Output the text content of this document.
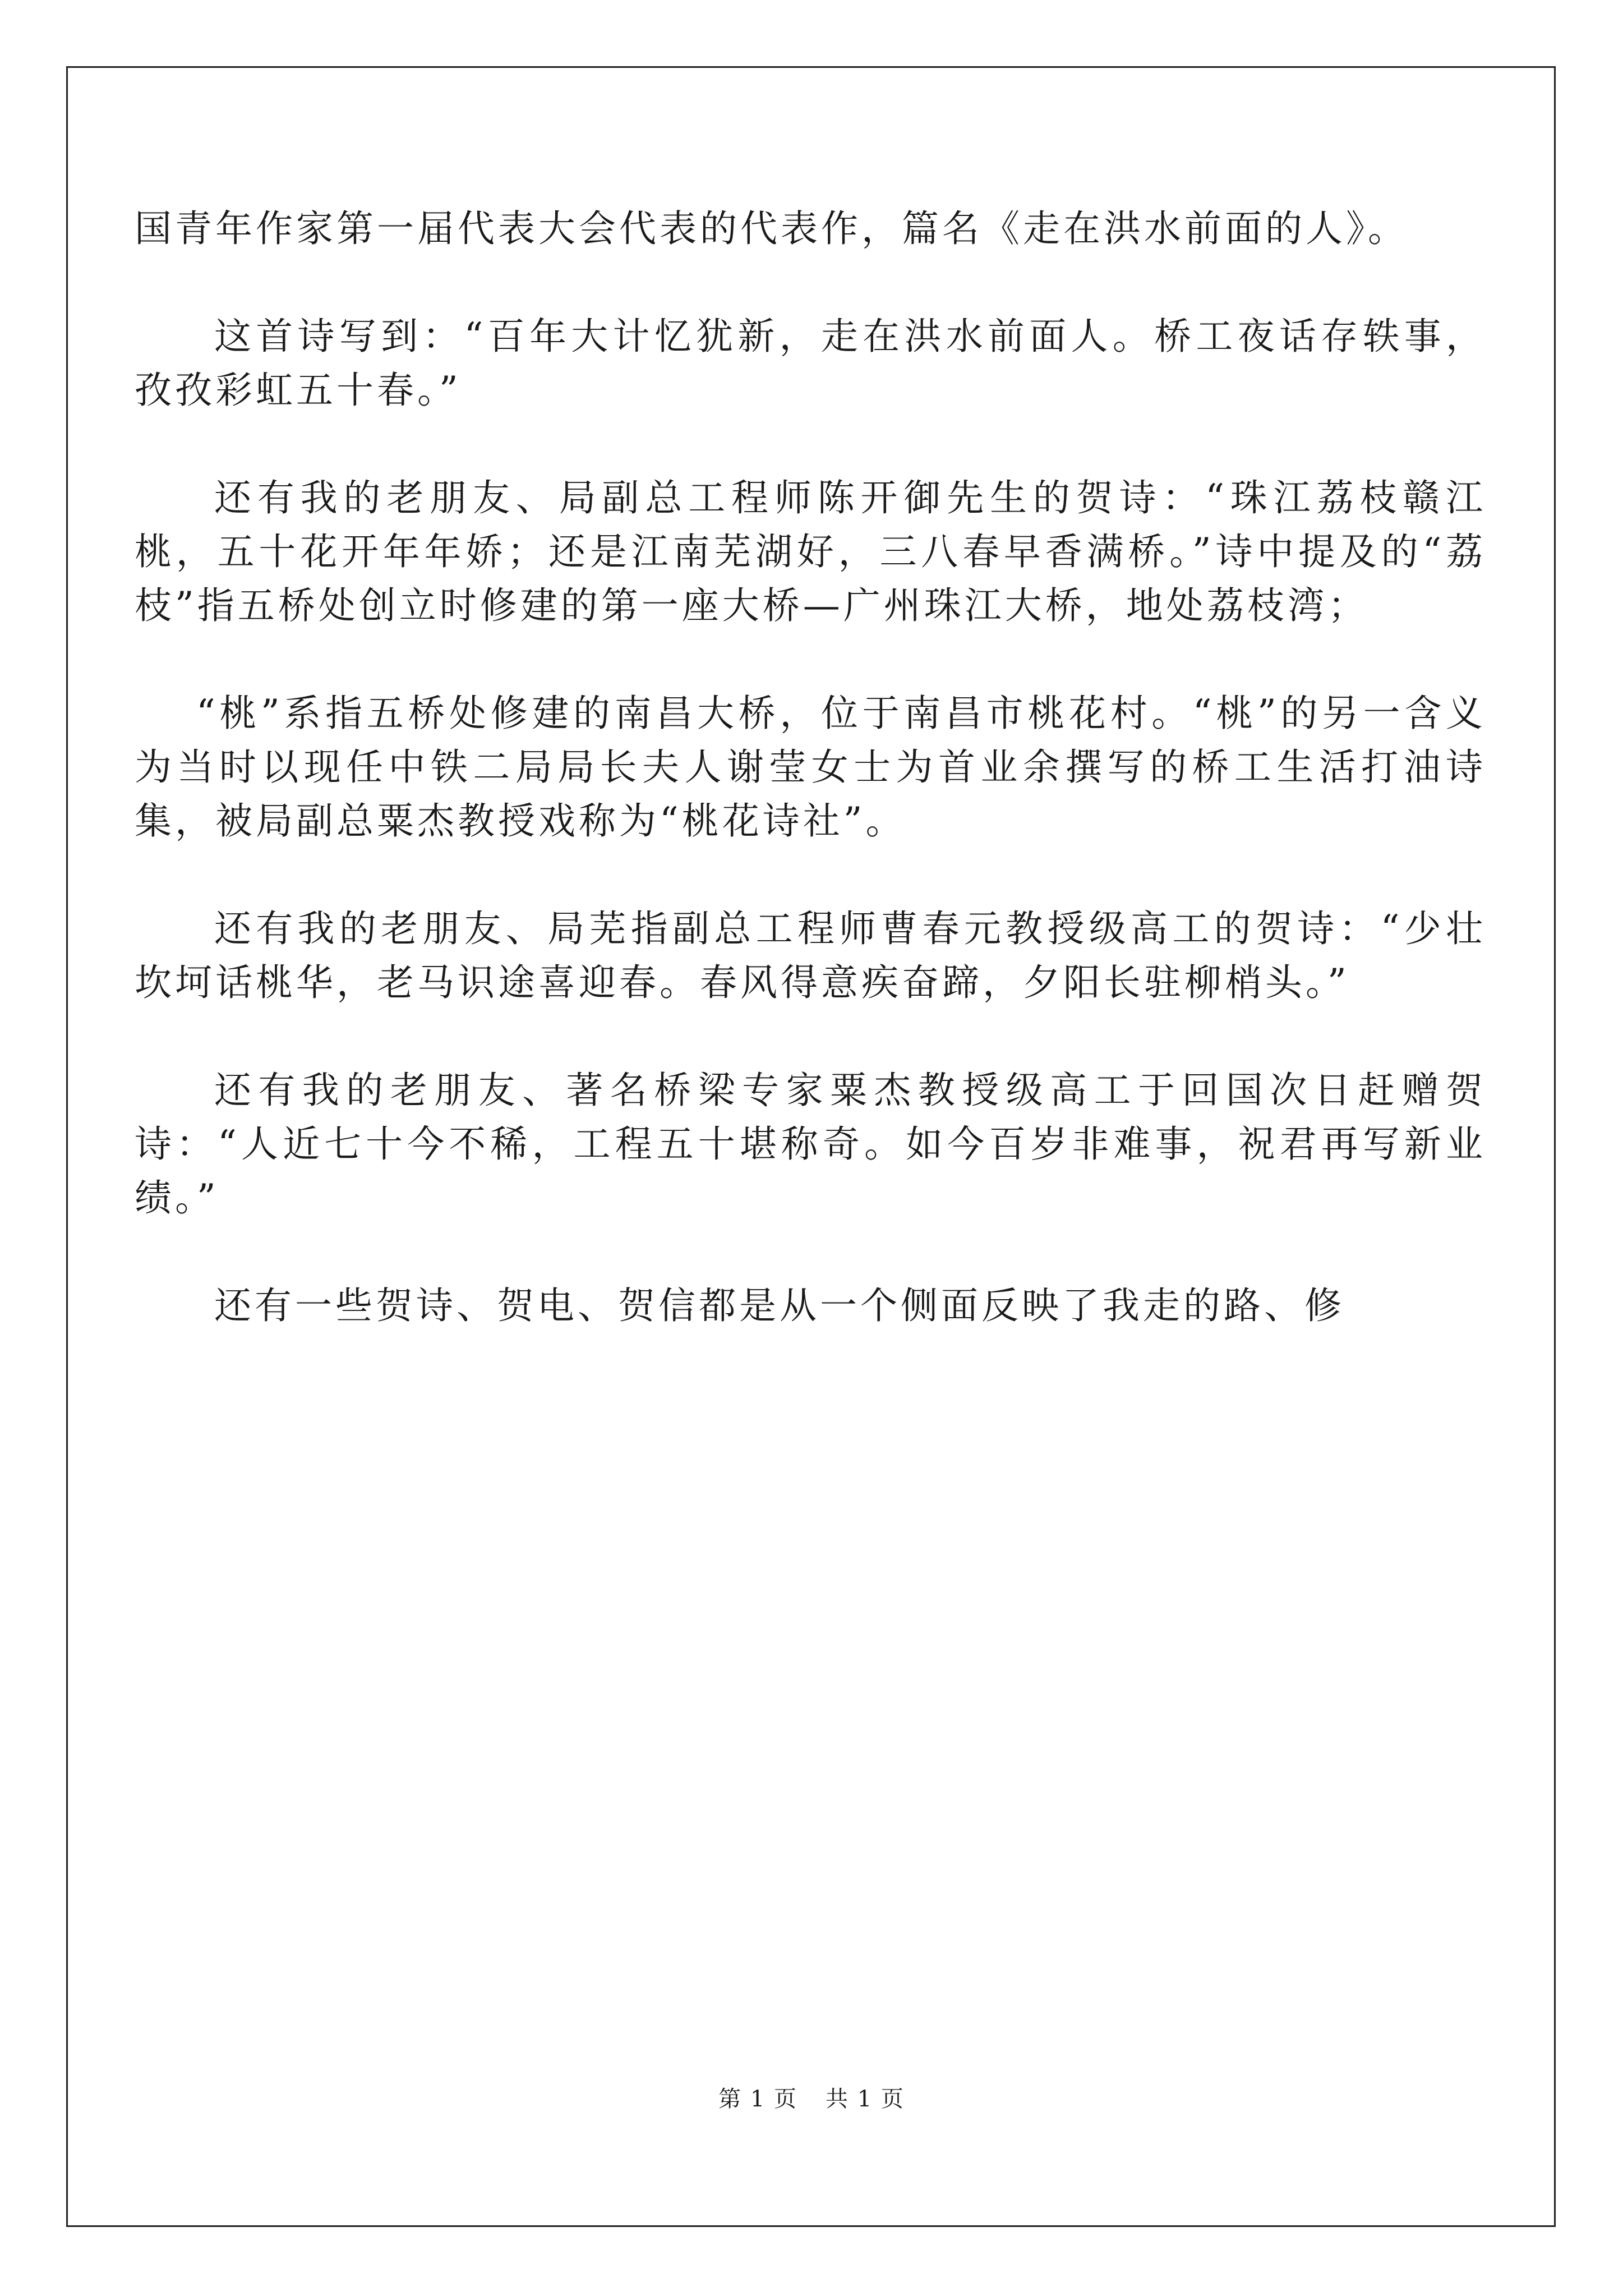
国青年作家第一届代表大会代表的代表作，篇名《走在洪水前面的人》。

这首诗写到：“百年大计忆犹新，走在洪水前面人。桥工夜话存轶事，孜孜彩虹五十春。”

还有我的老朋友、局副总工程师陈开御先生的贺诗：“珠江荔枝赣江桃，五十花开年年娇；还是江南芜湖好，三八春早香满桥。”诗中提及的“荔枝”指五桥处创立时修建的第一座大桥—广州珠江大桥，地处荔枝湾；

“桃”系指五桥处修建的南昌大桥，位于南昌市桃花村。“桃”的另一含义为当时以现任中铁二局局长夫人谢莹女士为首业余撰写的桥工生活打油诗集，被局副总粟杰教授戏称为“桃花诗社”。

还有我的老朋友、局芜指副总工程师曹春元教授级高工的贺诗：“少壮坎坷话桃华，老马识途喜迎春。春风得意疾奋蹄，夕阳长驻柳梢头。”

还有我的老朋友、著名桥梁专家粟杰教授级高工于回国次日赶赠贺诗：“人近七十今不稀，工程五十堪称奇。如今百岁非难事，祝君再写新业绩。”

还有一些贺诗、贺电、贺信都是从一个侧面反映了我走的路、修

第 1 页 共 1 页
